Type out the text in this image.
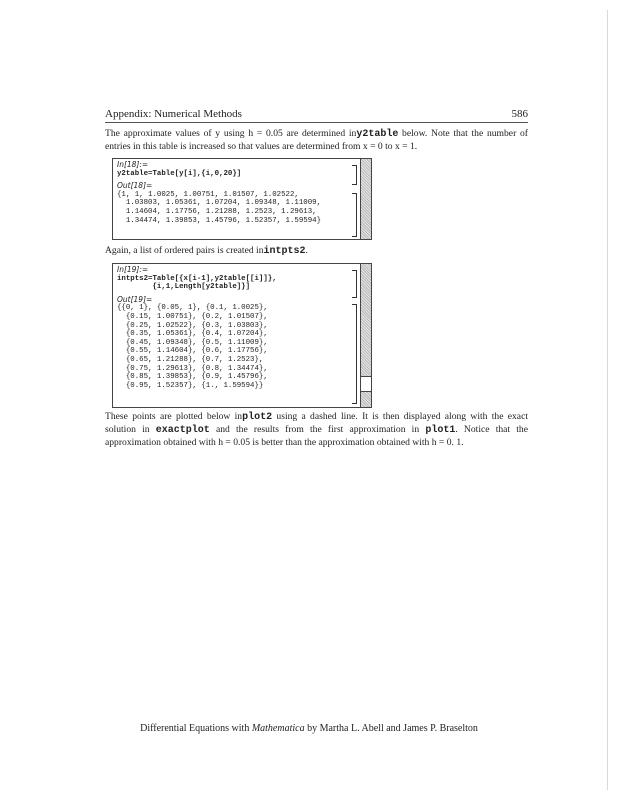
Appendix: Numerical Methods	586
The approximate values of y using h = 0.05 are determined iny2table below. Note that the number of entries in this table is increased so that values are determined from x = 0 to x = 1.
In[18]:=
y2table=Table[y[i],{i,0,20}]
Out[18]=
{1, 1, 1.0025, 1.00751, 1.01507, 1.02522,
1.03803, 1.05361, 1.07204, 1.09348, 1.11009,
1.14604, 1.17756, 1.21288, 1.2523, 1.29613,
1.34474, 1.39853, 1.45796, 1.52357, 1.59594}
Again, a list of ordered pairs is created inintpts2.
In[19]:=
intpts2=Table[{x[i-1],y2table[[i]]},
{i,1,Length[y2table]}]
Out[19]=
{{0, 1}, {0.05, 1}, {0.1, 1.0025},
{0.15, 1.00751}, {0.2, 1.01507},
{0.25, 1.02522}, {0.3, 1.03803},
{0.35, 1.05361}, {0.4, 1.07204},
{0.45, 1.09348}, {0.5, 1.11009},
{0.55, 1.14604}, {0.6, 1.17756},
{0.65, 1.21288}, {0.7, 1.2523},
{0.75, 1.29613}, {0.8, 1.34474},
{0.85, 1.39853}, {0.9, 1.45796},
{0.95, 1.52357}, {1., 1.59594}}
These points are plotted below inplot2 using a dashed line. It is then displayed along with the exact solution in exactplot and the results from the first approximation in plot1. Notice that the approximation obtained with h = 0.05 is better than the approximation obtained with h = 0. 1.
Differential Equations with Mathematica by Martha L. Abell and James P. Braselton
